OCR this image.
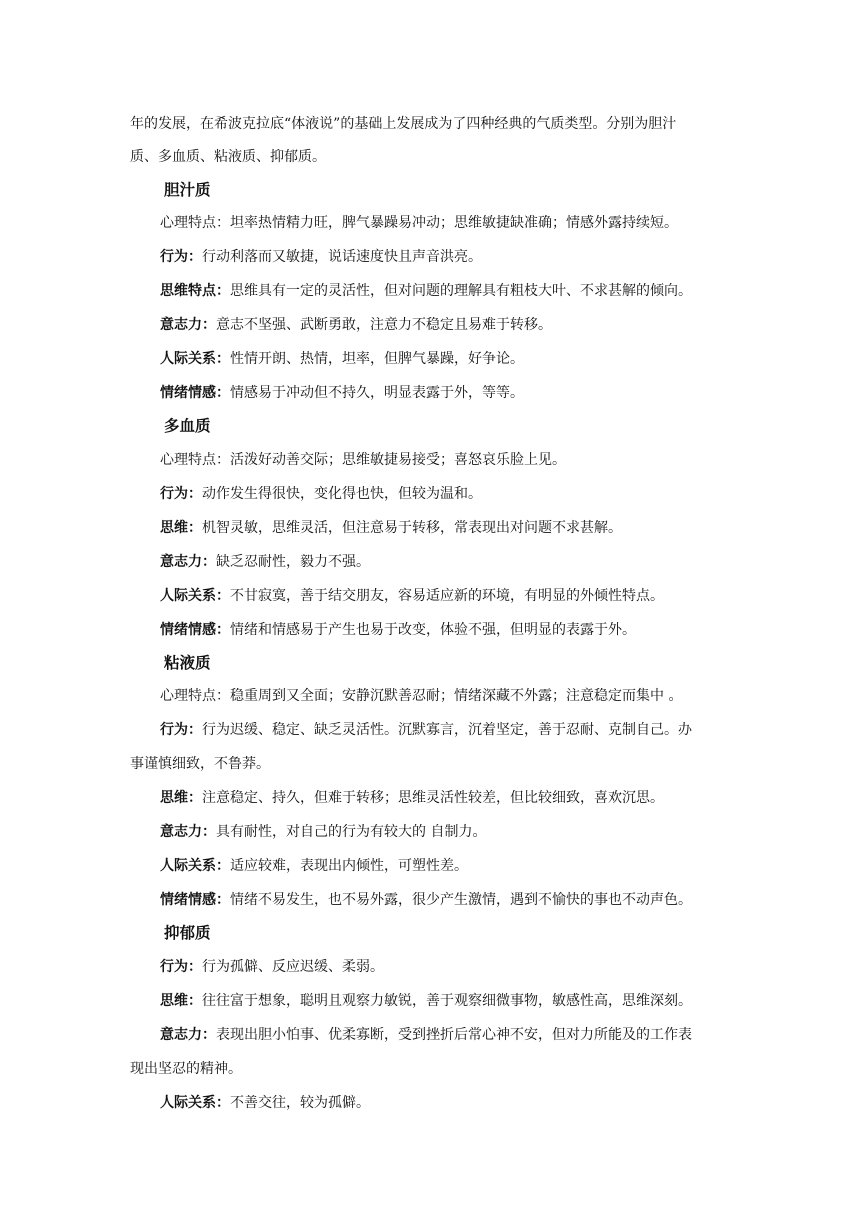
年的发展，在希波克拉底“体液说”的基础上发展成为了四种经典的气质类型。分别为胆汁
质、多血质、粘液质、抑郁质。
胆汁质
心理特点：坦率热情精力旺，脾气暴躁易冲动；思维敏捷缺准确；情感外露持续短。
行为：行动利落而又敏捷，说话速度快且声音洪亮。
思维特点：思维具有一定的灵活性，但对问题的理解具有粗枝大叶、不求甚解的倾向。
意志力：意志不坚强、武断勇敢，注意力不稳定且易难于转移。
人际关系：性情开朗、热情，坦率，但脾气暴躁，好争论。
情绪情感：情感易于冲动但不持久，明显表露于外，等等。
多血质
心理特点：活泼好动善交际；思维敏捷易接受；喜怒哀乐脸上见。
行为：动作发生得很快，变化得也快，但较为温和。
思维：机智灵敏，思维灵活，但注意易于转移，常表现出对问题不求甚解。
意志力：缺乏忍耐性，毅力不强。
人际关系：不甘寂寞，善于结交朋友，容易适应新的环境，有明显的外倾性特点。
情绪情感：情绪和情感易于产生也易于改变，体验不强，但明显的表露于外。
粘液质
心理特点：稳重周到又全面；安静沉默善忍耐；情绪深藏不外露；注意稳定而集中 。
行为：行为迟缓、稳定、缺乏灵活性。沉默寡言，沉着坚定，善于忍耐、克制自己。办
事谨慎细致，不鲁莽。
思维：注意稳定、持久，但难于转移；思维灵活性较差，但比较细致，喜欢沉思。
意志力：具有耐性，对自己的行为有较大的 自制力。
人际关系：适应较难，表现出内倾性，可塑性差。
情绪情感：情绪不易发生，也不易外露，很少产生激情，遇到不愉快的事也不动声色。
抑郁质
行为：行为孤僻、反应迟缓、柔弱。
思维：往往富于想象，聪明且观察力敏锐，善于观察细微事物，敏感性高，思维深刻。
意志力：表现出胆小怕事、优柔寡断，受到挫折后常心神不安，但对力所能及的工作表
现出坚忍的精神。
人际关系：不善交往，较为孤僻。
